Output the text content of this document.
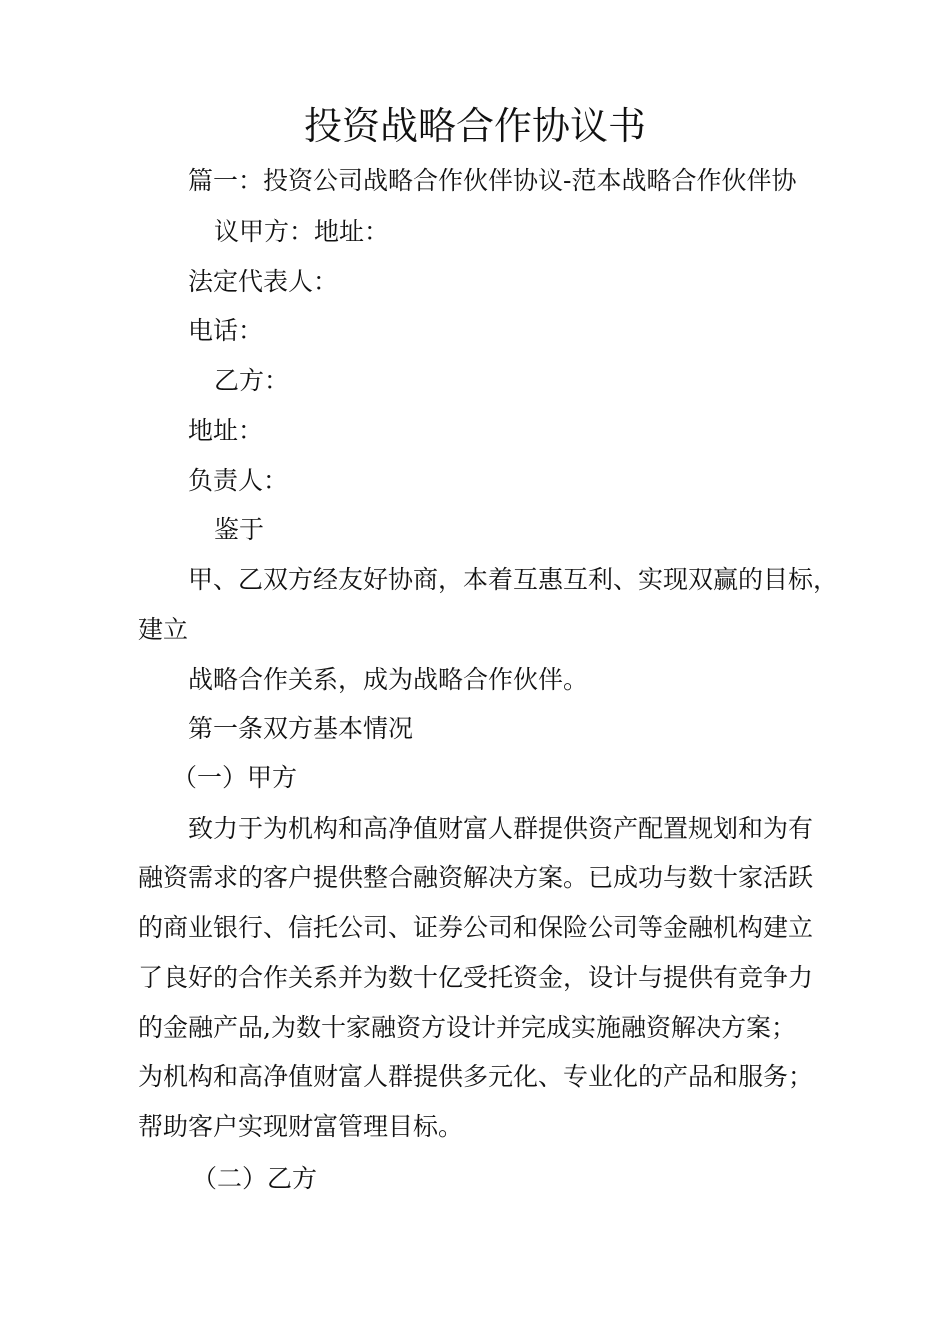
投资战略合作协议书
篇一：投资公司战略合作伙伴协议-范本战略合作伙伴协
议甲方：地址：
法定代表人：
电话：
乙方：
地址：
负责人：
鉴于
甲、乙双方经友好协商，本着互惠互利、实现双赢的目标，
建立
战略合作关系，成为战略合作伙伴。
第一条双方基本情况
（一）甲方
致力于为机构和高净值财富人群提供资产配置规划和为有
融资需求的客户提供整合融资解决方案。已成功与数十家活跃
的商业银行、信托公司、证券公司和保险公司等金融机构建立
了良好的合作关系并为数十亿受托资金，设计与提供有竞争力
的金融产品,为数十家融资方设计并完成实施融资解决方案；
为机构和高净值财富人群提供多元化、专业化的产品和服务；
帮助客户实现财富管理目标。
（二）乙方
